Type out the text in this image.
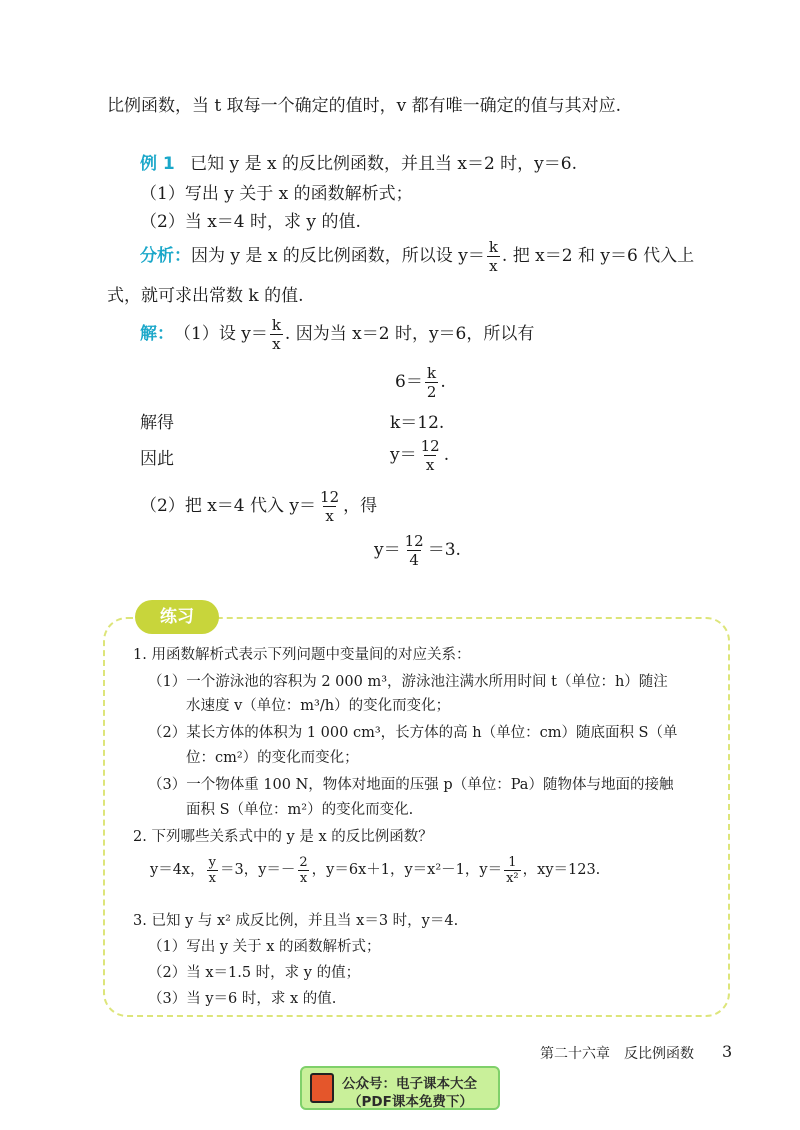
比例函数，当 t 取每一个确定的值时，v 都有唯一确定的值与其对应.
例 1 已知 y 是 x 的反比例函数，并且当 x＝2 时，y＝6.
（1）写出 y 关于 x 的函数解析式；
（2）当 x＝4 时，求 y 的值.
分析： 因为 y 是 x 的反比例函数，所以设 $y= \frac{k}{x}$ . 把 x＝2 和 y＝6 代入上
式，就可求出常数 k 的值.
解： （1）设 $y= \frac{k}{x}$ . 因为当 x＝2 时，y＝6，所以有
$6= \frac{k}{2}$ .
解得	k＝12.
因此	$y= \frac{12}{x}$ .
（2）把 x＝4 代入 $y= \frac{12}{x}$ ，得
$y= \frac{12}{4} =3$.
练习
1. 用函数解析式表示下列问题中变量间的对应关系：
（1）一个游泳池的容积为 2 000 m³，游泳池注满水所用时间 t（单位：h）随注
水速度 v（单位：m³/h）的变化而变化；
（2）某长方体的体积为 1 000 cm³，长方体的高 h（单位：cm）随底面积 S（单
位：cm²）的变化而变化；
（3）一个物体重 100 N，物体对地面的压强 p（单位：Pa）随物体与地面的接触
面积 S（单位：m²）的变化而变化.
2. 下列哪些关系式中的 y 是 x 的反比例函数？
y＝4x， $\frac{y}{x} =3$，$y=- \frac{2}{x}$ ，y＝6x＋1，y＝x²－1，$y= \frac{1}{\text{x²}}$ ，xy＝123.
3. 已知 y 与 x² 成反比例，并且当 x＝3 时，y＝4.
（1）写出 y 关于 x 的函数解析式；
（2）当 x＝1.5 时，求 y 的值；
（3）当 y＝6 时，求 x 的值.
第二十六章　反比例函数 3
公众号：电子课本大全
（PDF课本免费下）
